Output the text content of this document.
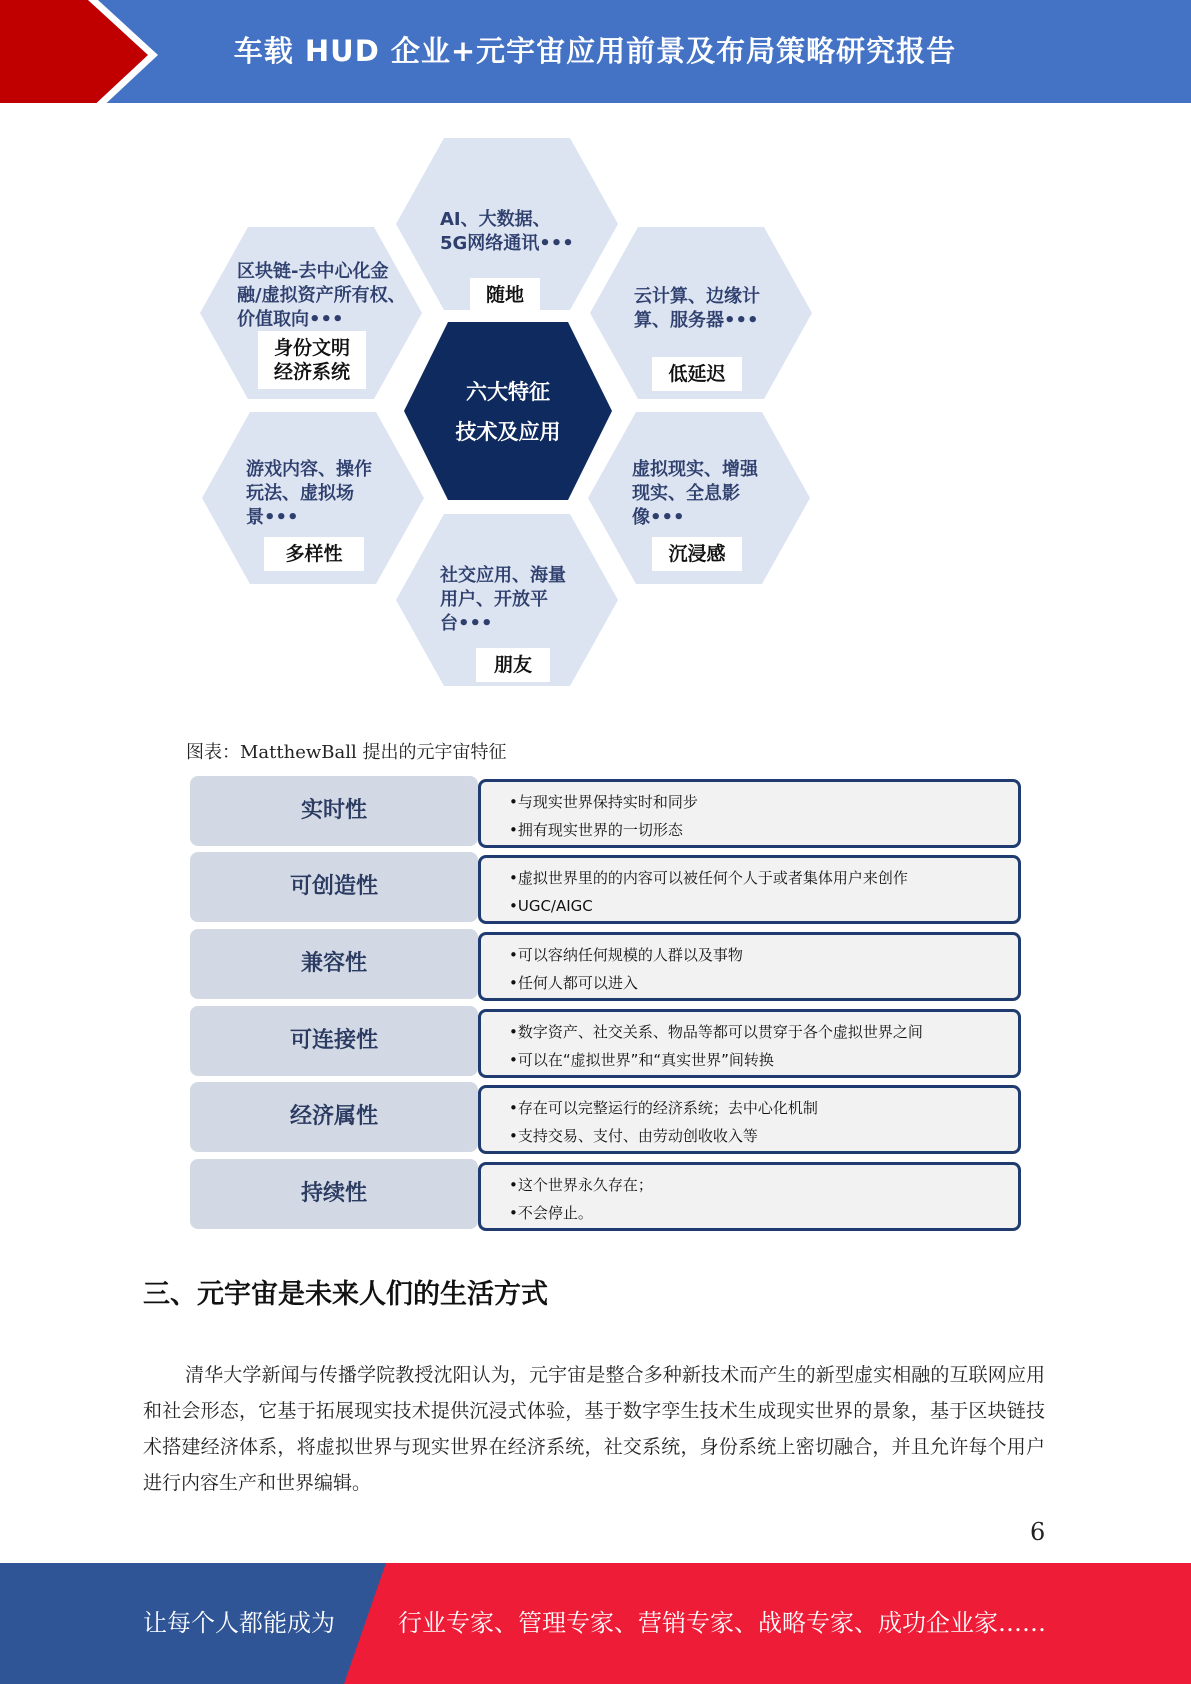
车载 HUD 企业+元宇宙应用前景及布局策略研究报告
AI、大数据、
5G网络通讯•••
随地
区块链-去中心化金
融/虚拟资产所有权、
价值取向•••
身份文明
经济系统
云计算、边缘计
算、服务器•••
低延迟
六大特征
技术及应用
游戏内容、操作
玩法、虚拟场
景•••
多样性
虚拟现实、增强
现实、全息影
像•••
沉浸感
社交应用、海量
用户、开放平
台•••
朋友
图表：MatthewBall 提出的元宇宙特征
实时性	•与现实世界保持实时和同步
•拥有现实世界的一切形态
可创造性	•虚拟世界里的的内容可以被任何个人于或者集体用户来创作
•UGC/AIGC
兼容性	•可以容纳任何规模的人群以及事物
•任何人都可以进入
可连接性	•数字资产、社交关系、物品等都可以贯穿于各个虚拟世界之间
•可以在“虚拟世界”和“真实世界”间转换
经济属性	•存在可以完整运行的经济系统；去中心化机制
•支持交易、支付、由劳动创收收入等
持续性	•这个世界永久存在；
•不会停止。
三、元宇宙是未来人们的生活方式

清华大学新闻与传播学院教授沈阳认为，元宇宙是整合多种新技术而产生的新型虚实相融的互联网应用和社会形态，它基于拓展现实技术提供沉浸式体验，基于数字孪生技术生成现实世界的景象，基于区块链技术搭建经济体系，将虚拟世界与现实世界在经济系统，社交系统，身份系统上密切融合，并且允许每个用户进行内容生产和世界编辑。

6
让每个人都能成为	行业专家、管理专家、营销专家、战略专家、成功企业家……
